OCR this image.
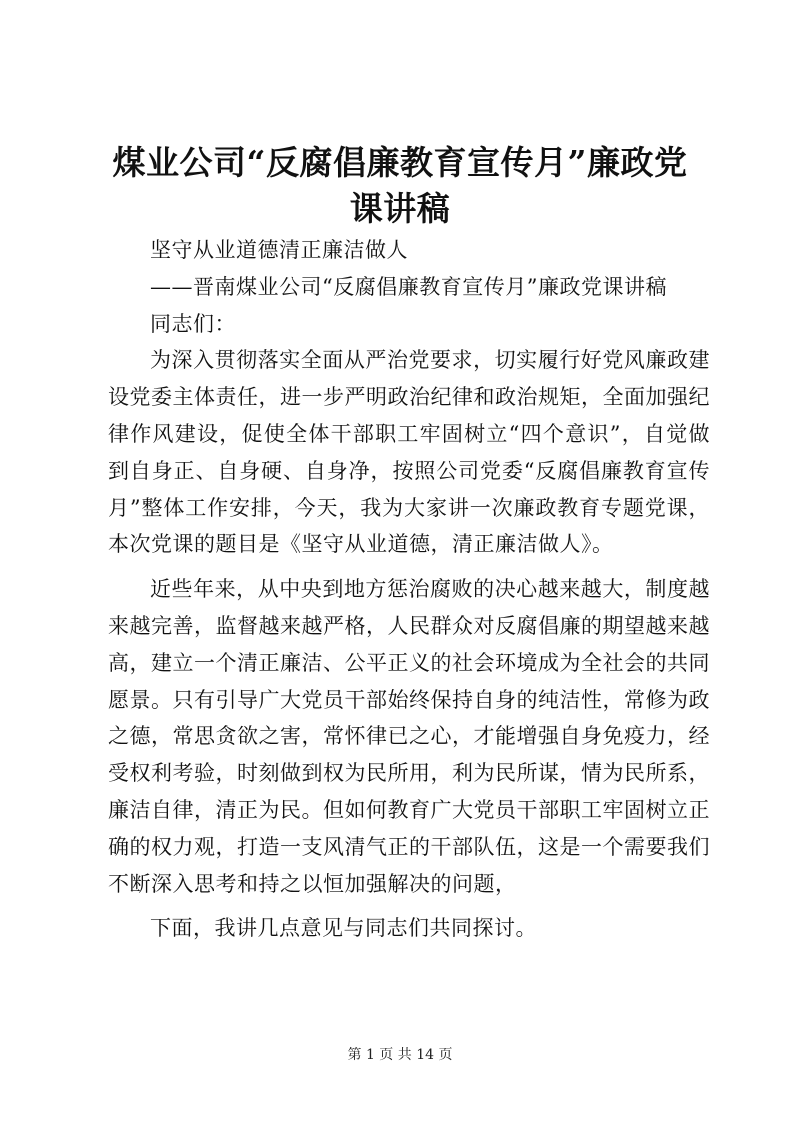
煤业公司“反腐倡廉教育宣传月”廉政党课讲稿

坚守从业道德清正廉洁做人

——晋南煤业公司“反腐倡廉教育宣传月”廉政党课讲稿

同志们：

为深入贯彻落实全面从严治党要求，切实履行好党风廉政建设党委主体责任，进一步严明政治纪律和政治规矩，全面加强纪律作风建设，促使全体干部职工牢固树立“四个意识”，自觉做到自身正、自身硬、自身净，按照公司党委“反腐倡廉教育宣传月”整体工作安排，今天，我为大家讲一次廉政教育专题党课，本次党课的题目是《坚守从业道德，清正廉洁做人》。

近些年来，从中央到地方惩治腐败的决心越来越大，制度越来越完善，监督越来越严格，人民群众对反腐倡廉的期望越来越高，建立一个清正廉洁、公平正义的社会环境成为全社会的共同愿景。只有引导广大党员干部始终保持自身的纯洁性，常修为政之德，常思贪欲之害，常怀律已之心，才能增强自身免疫力，经受权利考验，时刻做到权为民所用，利为民所谋，情为民所系，廉洁自律，清正为民。但如何教育广大党员干部职工牢固树立正确的权力观，打造一支风清气正的干部队伍，这是一个需要我们不断深入思考和持之以恒加强解决的问题，

下面，我讲几点意见与同志们共同探讨。

第 1 页 共 14 页
